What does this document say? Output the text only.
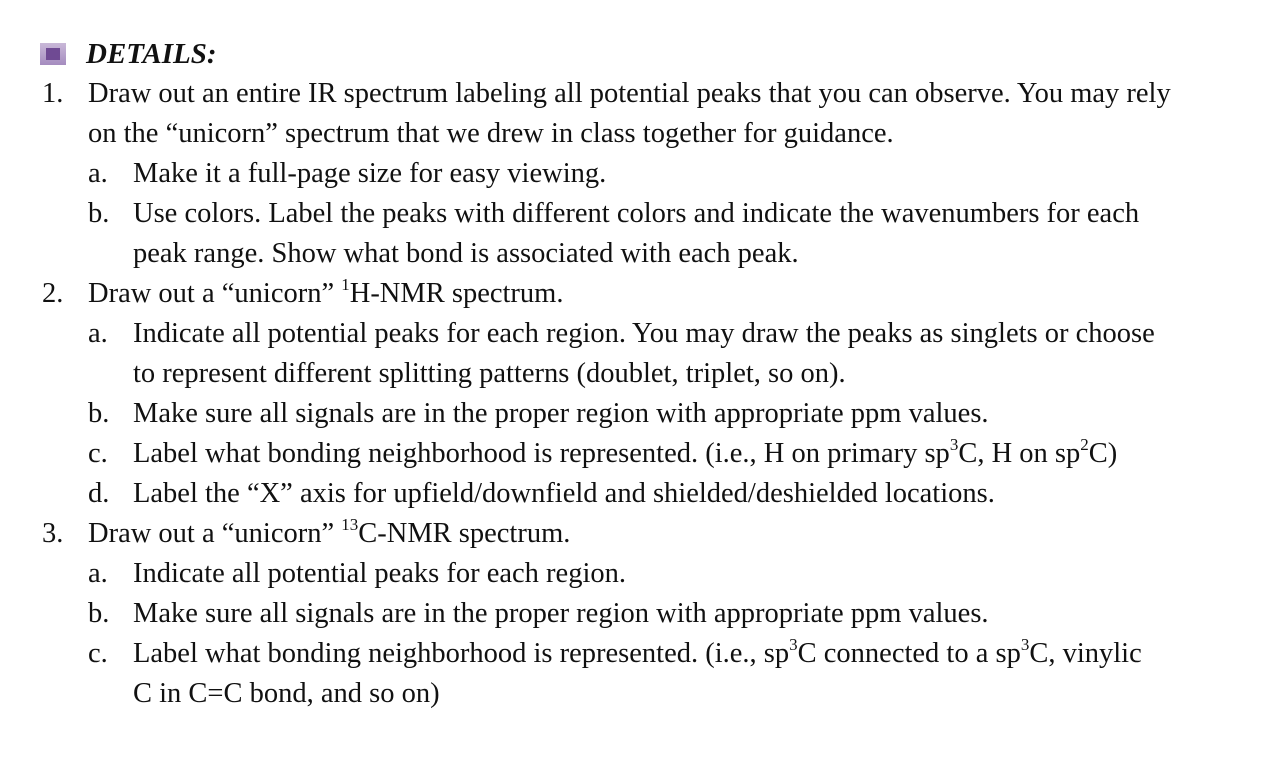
DETAILS:
1. Draw out an entire IR spectrum labeling all potential peaks that you can observe. You may rely
on the “unicorn” spectrum that we drew in class together for guidance.
a. Make it a full-page size for easy viewing.
b. Use colors. Label the peaks with different colors and indicate the wavenumbers for each
peak range. Show what bond is associated with each peak.
2. Draw out a “unicorn” $^1$H-NMR spectrum.
a. Indicate all potential peaks for each region. You may draw the peaks as singlets or choose
to represent different splitting patterns (doublet, triplet, so on).
b. Make sure all signals are in the proper region with appropriate ppm values.
c. Label what bonding neighborhood is represented. (i.e., H on primary $sp^3C$, H on $sp^2C$)
d. Label the “X” axis for upfield/downfield and shielded/deshielded locations.
3. Draw out a “unicorn” $^{13}$C-NMR spectrum.
a. Indicate all potential peaks for each region.
b. Make sure all signals are in the proper region with appropriate ppm values.
c. Label what bonding neighborhood is represented. (i.e., $sp^3C$ connected to a $sp^3C$, vinylic
C in C=C bond, and so on)
